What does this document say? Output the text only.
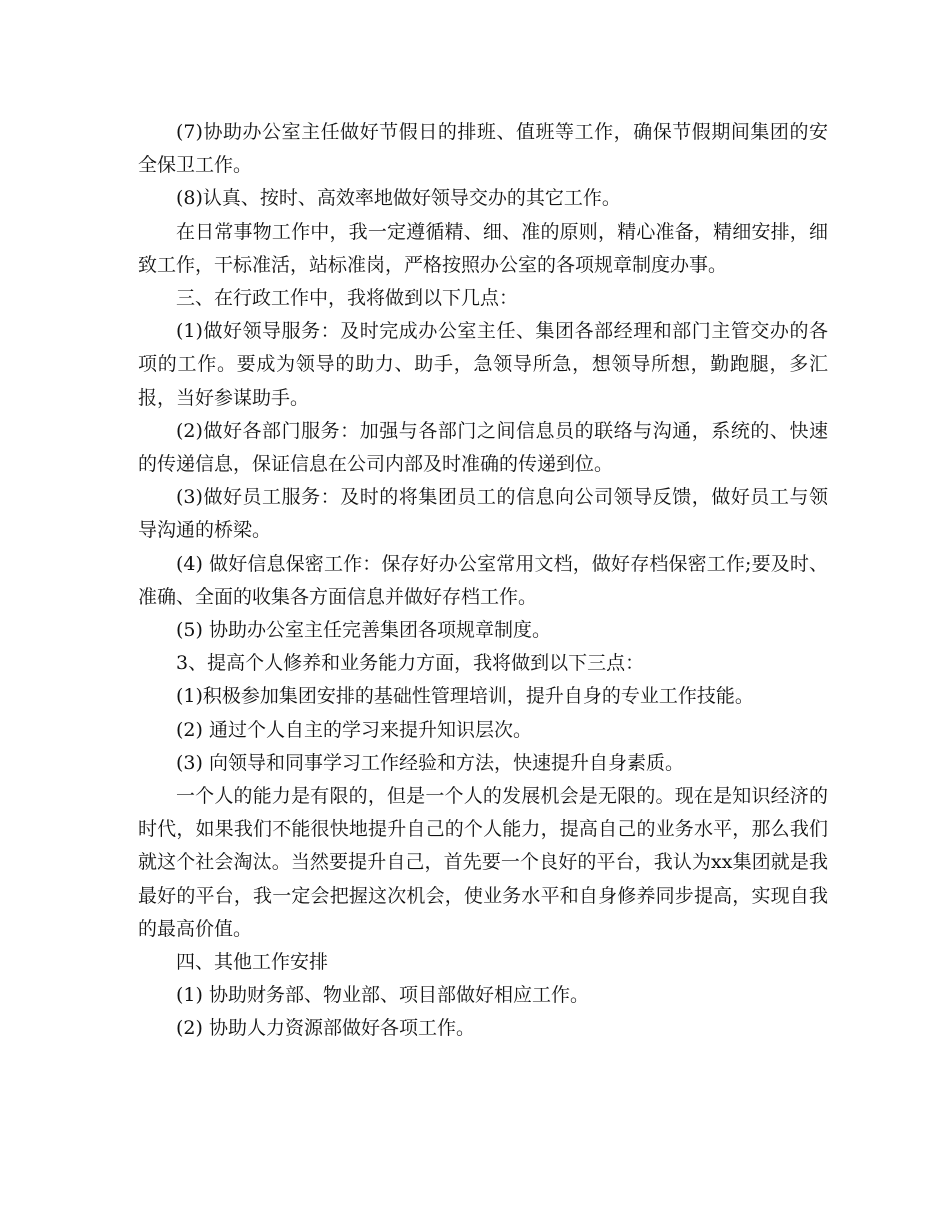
(7)协助办公室主任做好节假日的排班、值班等工作，确保节假期间集团的安全保卫工作。

(8)认真、按时、高效率地做好领导交办的其它工作。

在日常事物工作中，我一定遵循精、细、准的原则，精心准备，精细安排，细致工作，干标准活，站标准岗，严格按照办公室的各项规章制度办事。

三、在行政工作中，我将做到以下几点：

(1)做好领导服务：及时完成办公室主任、集团各部经理和部门主管交办的各项的工作。要成为领导的助力、助手，急领导所急，想领导所想，勤跑腿，多汇报，当好参谋助手。

(2)做好各部门服务：加强与各部门之间信息员的联络与沟通，系统的、快速的传递信息，保证信息在公司内部及时准确的传递到位。

(3)做好员工服务：及时的将集团员工的信息向公司领导反馈，做好员工与领导沟通的桥梁。

(4) 做好信息保密工作：保存好办公室常用文档，做好存档保密工作;要及时、准确、全面的收集各方面信息并做好存档工作。

(5) 协助办公室主任完善集团各项规章制度。

3、提高个人修养和业务能力方面，我将做到以下三点：

(1)积极参加集团安排的基础性管理培训，提升自身的专业工作技能。

(2) 通过个人自主的学习来提升知识层次。

(3) 向领导和同事学习工作经验和方法，快速提升自身素质。

一个人的能力是有限的，但是一个人的发展机会是无限的。现在是知识经济的时代，如果我们不能很快地提升自己的个人能力，提高自己的业务水平，那么我们就这个社会淘汰。当然要提升自己，首先要一个良好的平台，我认为xx集团就是我最好的平台，我一定会把握这次机会，使业务水平和自身修养同步提高，实现自我的最高价值。

四、其他工作安排

(1) 协助财务部、物业部、项目部做好相应工作。

(2) 协助人力资源部做好各项工作。
